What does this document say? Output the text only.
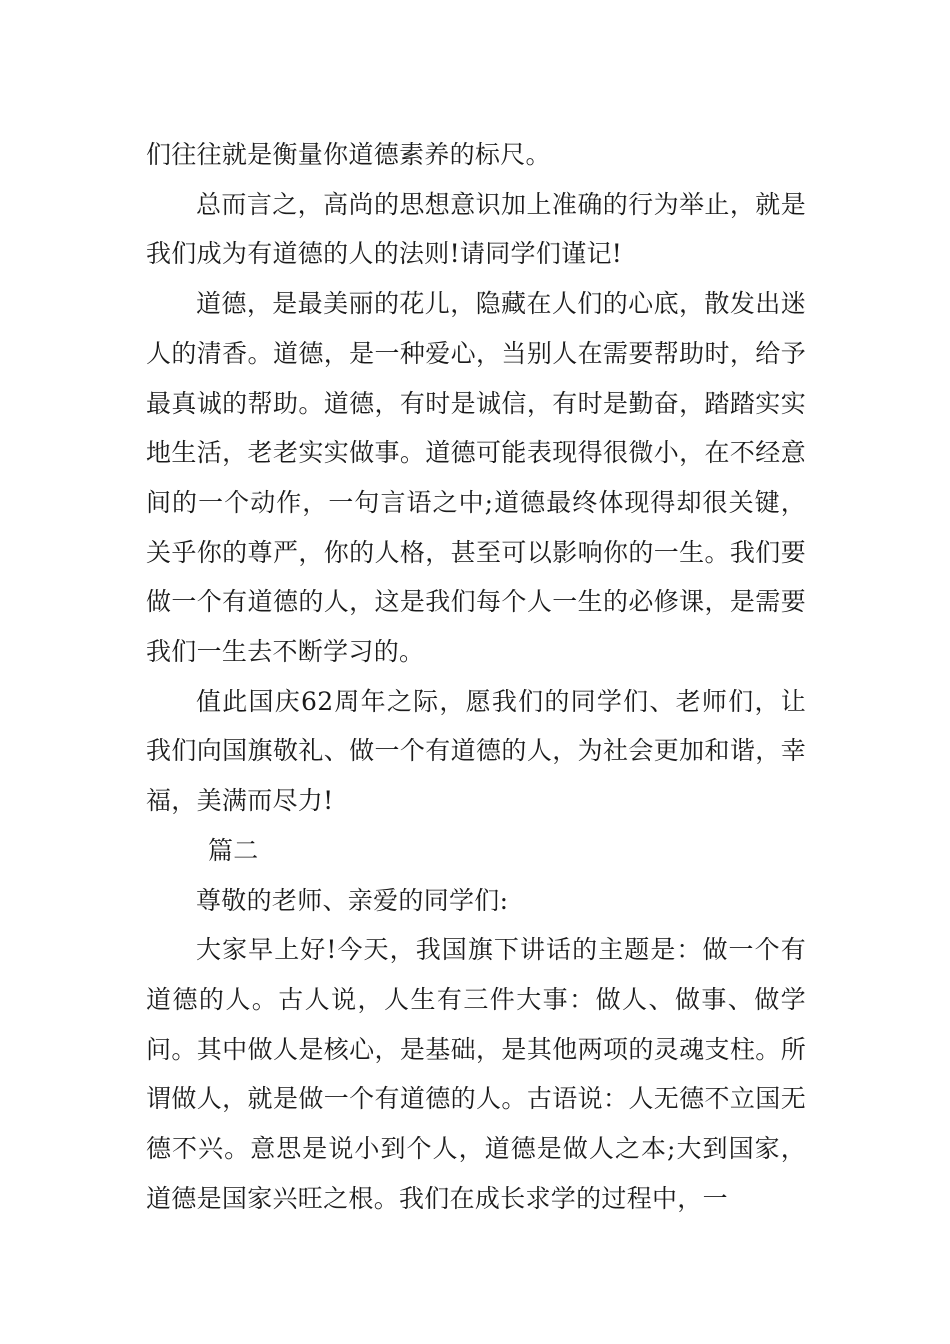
们往往就是衡量你道德素养的标尺。

总而言之，高尚的思想意识加上准确的行为举止，就是我们成为有道德的人的法则!请同学们谨记!

道德，是最美丽的花儿，隐藏在人们的心底，散发出迷人的清香。道德，是一种爱心，当别人在需要帮助时，给予最真诚的帮助。道德，有时是诚信，有时是勤奋，踏踏实实地生活，老老实实做事。道德可能表现得很微小，在不经意间的一个动作，一句言语之中;道德最终体现得却很关键，关乎你的尊严，你的人格，甚至可以影响你的一生。我们要做一个有道德的人，这是我们每个人一生的必修课，是需要我们一生去不断学习的。

值此国庆62周年之际，愿我们的同学们、老师们，让我们向国旗敬礼、做一个有道德的人，为社会更加和谐，幸福，美满而尽力!

篇二

尊敬的老师、亲爱的同学们:

大家早上好!今天，我国旗下讲话的主题是：做一个有道德的人。古人说，人生有三件大事：做人、做事、做学问。其中做人是核心，是基础，是其他两项的灵魂支柱。所谓做人，就是做一个有道德的人。古语说：人无德不立国无德不兴。意思是说小到个人，道德是做人之本;大到国家，道德是国家兴旺之根。我们在成长求学的过程中，一
